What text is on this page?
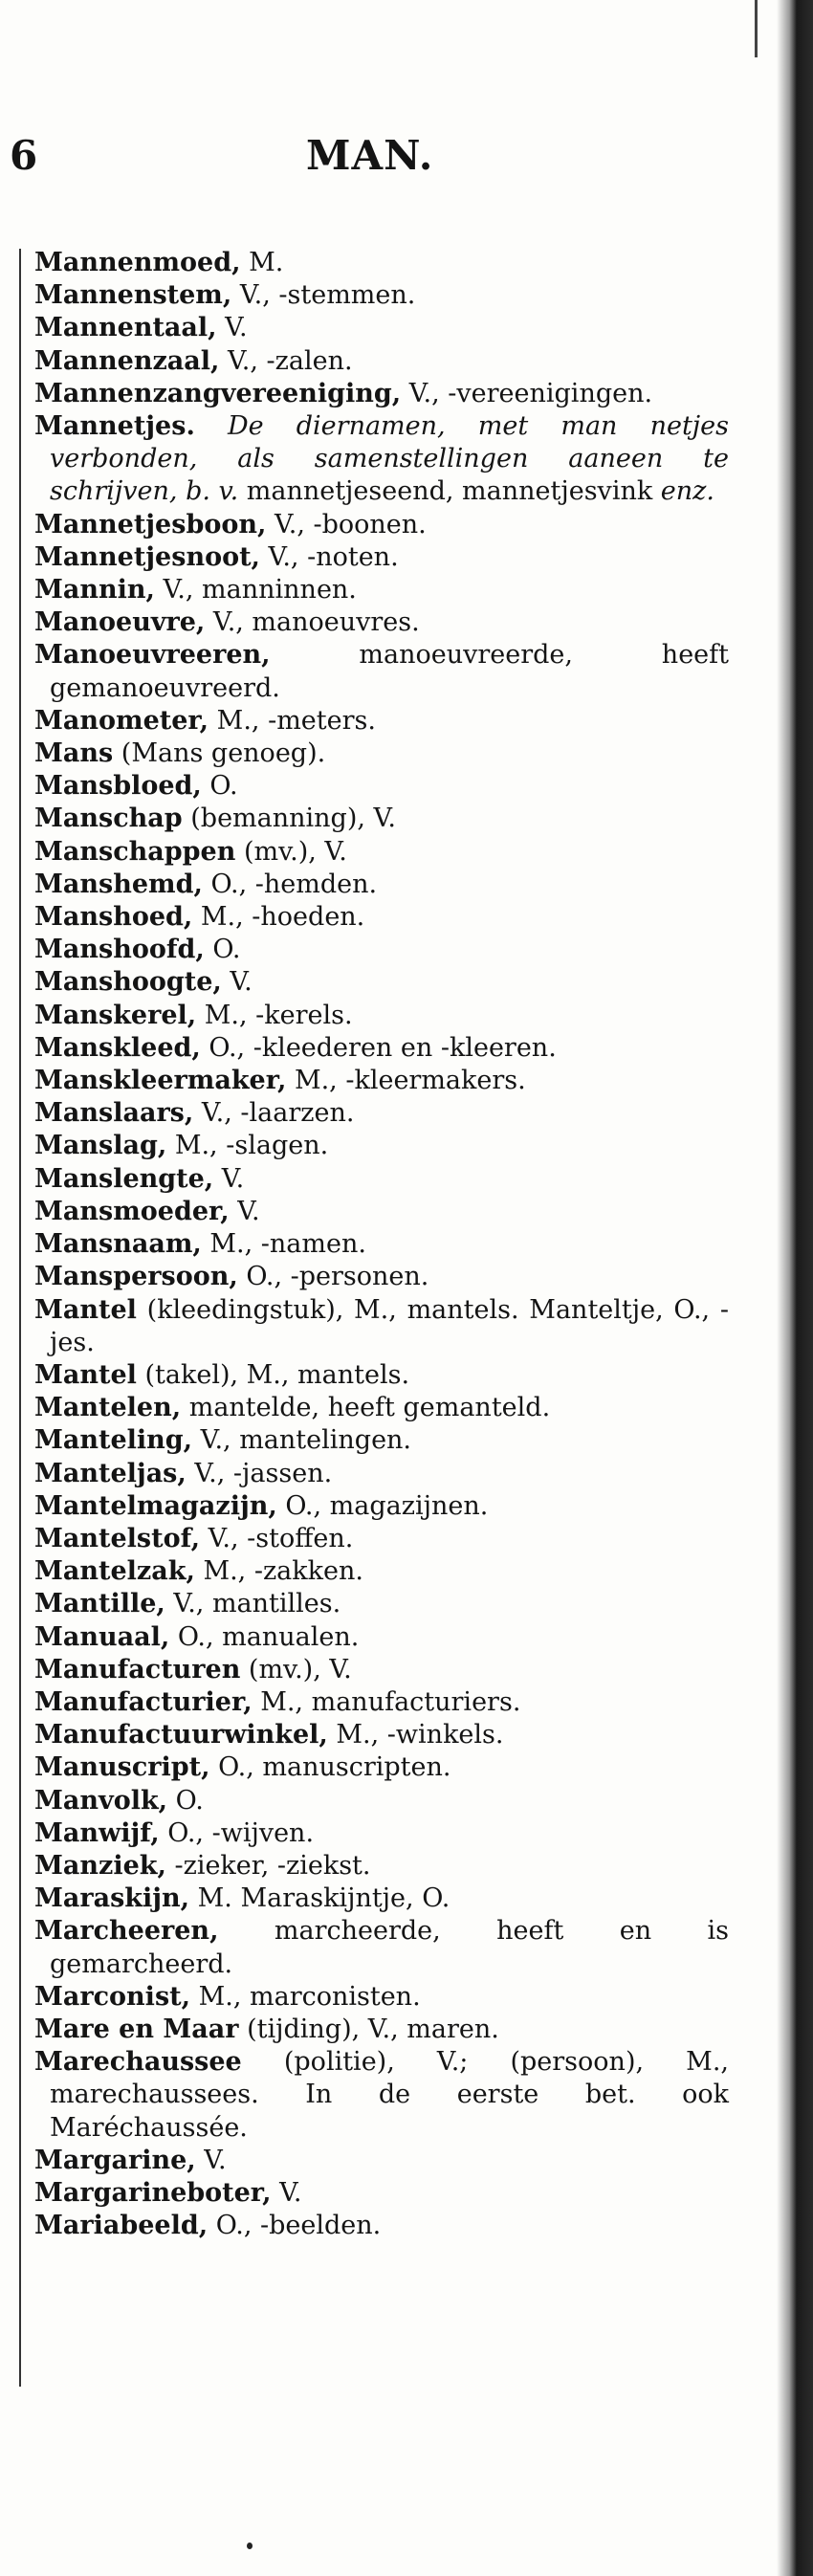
6	MAN.
Mannenmoed, M.
Mannenstem, V., -stemmen.
Mannentaal, V.
Mannenzaal, V., -zalen.
Mannenzangvereeniging, V., -vereenigingen.
Mannetjes. De diernamen, met man netjes verbonden, als samenstellingen aaneen te schrijven, b. v. mannetjeseend, mannetjesvink enz.
Mannetjesboon, V., -boonen.
Mannetjesnoot, V., -noten.
Mannin, V., manninnen.
Manoeuvre, V., manoeuvres.
Manoeuvreeren, manoeuvreerde, heeft gemanoeuvreerd.
Manometer, M., -meters.
Mans (Mans genoeg).
Mansbloed, O.
Manschap (bemanning), V.
Manschappen (mv.), V.
Manshemd, O., -hemden.
Manshoed, M., -hoeden.
Manshoofd, O.
Manshoogte, V.
Manskerel, M., -kerels.
Manskleed, O., -kleederen en -kleeren.
Manskleermaker, M., -kleermakers.
Manslaars, V., -laarzen.
Manslag, M., -slagen.
Manslengte, V.
Mansmoeder, V.
Mansnaam, M., -namen.
Manspersoon, O., -personen.
Mantel (kleedingstuk), M., mantels. Manteltje, O., -jes.
Mantel (takel), M., mantels.
Mantelen, mantelde, heeft gemanteld.
Manteling, V., mantelingen.
Manteljas, V., -jassen.
Mantelmagazijn, O., magazijnen.
Mantelstof, V., -stoffen.
Mantelzak, M., -zakken.
Mantille, V., mantilles.
Manuaal, O., manualen.
Manufacturen (mv.), V.
Manufacturier, M., manufacturiers.
Manufactuurwinkel, M., -winkels.
Manuscript, O., manuscripten.
Manvolk, O.
Manwijf, O., -wijven.
Manziek, -zieker, -ziekst.
Maraskijn, M. Maraskijntje, O.
Marcheeren, marcheerde, heeft en is gemarcheerd.
Marconist, M., marconisten.
Mare en Maar (tijding), V., maren.
Marechaussee (politie), V.; (persoon), M., marechaussees. In de eerste bet. ook Maréchaussée.
Margarine, V.
Margarineboter, V.
Mariabeeld, O., -beelden.
